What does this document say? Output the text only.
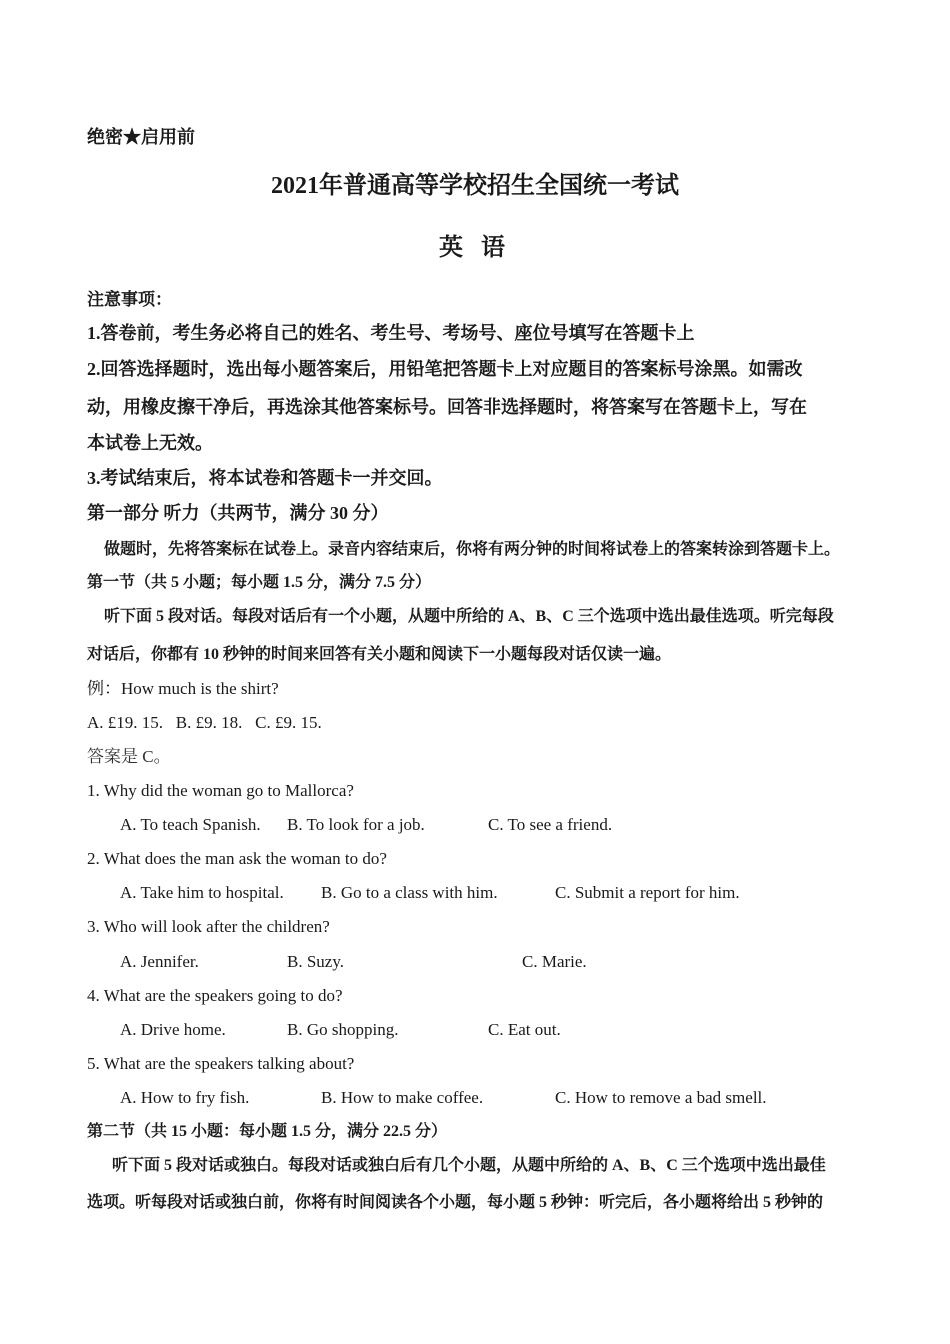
绝密★启用前
2021年普通高等学校招生全国统一考试
英 语
注意事项：
1.答卷前，考生务必将自己的姓名、考生号、考场号、座位号填写在答题卡上
2.回答选择题时，选出每小题答案后，用铅笔把答题卡上对应题目的答案标号涂黑。如需改
动，用橡皮擦干净后，再选涂其他答案标号。回答非选择题时，将答案写在答题卡上，写在
本试卷上无效。
3.考试结束后，将本试卷和答题卡一并交回。
第一部分 听力（共两节，满分 30 分）
做题时，先将答案标在试卷上。录音内容结束后，你将有两分钟的时间将试卷上的答案转涂到答题卡上。
第一节（共 5 小题；每小题 1.5 分，满分 7.5 分）
听下面 5 段对话。每段对话后有一个小题，从题中所给的 A、B、C 三个选项中选出最佳选项。听完每段
对话后，你都有 10 秒钟的时间来回答有关小题和阅读下一小题每段对话仅读一遍。
例：How much is the shirt?
A. £19. 15.   B. £9. 18.   C. £9. 15.
答案是 C。
1. Why did the woman go to Mallorca?
A. To teach Spanish. B. To look for a job.	C. To see a friend.
2. What does the man ask the woman to do?
A. Take him to hospital. B. Go to a class with him.	C. Submit a report for him.
3. Who will look after the children?
A. Jennifer.	B. Suzy.	C. Marie.
4. What are the speakers going to do?
A. Drive home.	B. Go shopping.	C. Eat out.
5. What are the speakers talking about?
A. How to fry fish.	B. How to make coffee.	C. How to remove a bad smell.
第二节（共 15 小题：每小题 1.5 分，满分 22.5 分）
听下面 5 段对话或独白。每段对话或独白后有几个小题，从题中所给的 A、B、C 三个选项中选出最佳
选项。听每段对话或独白前，你将有时间阅读各个小题，每小题 5 秒钟：听完后，各小题将给出 5 秒钟的
